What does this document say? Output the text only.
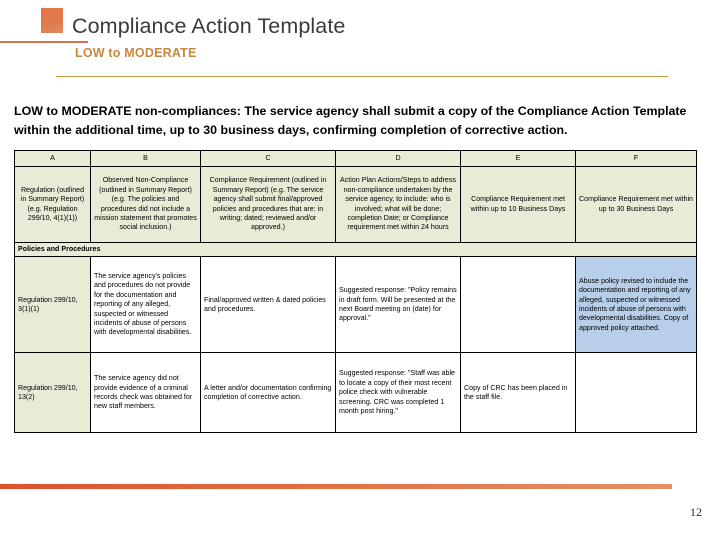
Compliance Action Template
LOW to MODERATE
LOW to MODERATE non-compliances: The service agency shall submit a copy of the Compliance Action Template within the additional time, up to 30 business days, confirming completion of corrective action.
A	B	C	D	E	F
Regulation (outlined in Summary Report) (e.g. Regulation 299/10, 4(1)(1))	Observed Non-Compliance (outlined in Summary Report) (e.g. The policies and procedures did not include a mission statement that promotes social inclusion.)	Compliance Requirement (outlined in Summary Report) (e.g. The service agency shall submit final/approved policies and procedures that are: in writing; dated; reviewed and/or approved.)	Action Plan Actions/Steps to address non-compliance undertaken by the service agency, to include: who is involved; what will be done; completion Date; or Compliance requirement met within 24 hours	Compliance Requirement met within up to 10 Business Days	Compliance Requirement met within up to 30 Business Days
Policies and Procedures					
Regulation 299/10, 3(1)(1)	The service agency's policies and procedures do not provide for the documentation and reporting of any alleged, suspected or witnessed incidents of abuse of persons with developmental disabilities.	Final/approved written & dated policies and procedures.	Suggested response: "Policy remains in draft form. Will be presented at the next Board meeting on (date) for approval."		Abuse policy revised to include the documentation and reporting of any alleged, suspected or witnessed incidents of abuse of persons with developmental disabilities. Copy of approved policy attached.
Regulation 299/10, 13(2)	The service agency did not provide evidence of a criminal records check was obtained for new staff members.	A letter and/or documentation confirming completion of corrective action.	Suggested response: "Staff was able to locate a copy of their most recent police check with vulnerable screening. CRC was completed 1 month post hiring."	Copy of CRC has been placed in the staff file.	
12
